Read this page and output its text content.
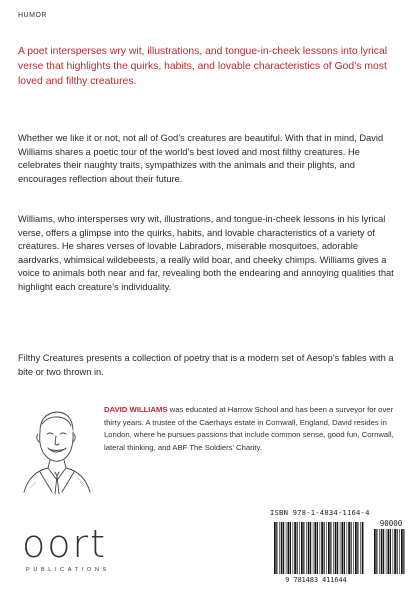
HUMOR
A poet intersperses wry wit, illustrations, and tongue-in-cheek lessons into lyrical verse that highlights the quirks, habits, and lovable characteristics of God’s most loved and filthy creatures.
Whether we like it or not, not all of God’s creatures are beautiful. With that in mind, David Williams shares a poetic tour of the world’s best loved and most filthy creatures. He celebrates their naughty traits, sympathizes with the animals and their plights, and encourages reflection about their future.
Williams, who intersperses wry wit, illustrations, and tongue-in-cheek lessons in his lyrical verse, offers a glimpse into the quirks, habits, and lovable characteristics of a variety of creatures. He shares verses of lovable Labradors, miserable mosquitoes, adorable aardvarks, whimsical wildebeests, a really wild boar, and cheeky chimps. Williams gives a voice to animals both near and far, revealing both the endearing and annoying qualities that highlight each creature’s individuality.
Filthy Creatures presents a collection of poetry that is a modern set of Aesop’s fables with a bite or two thrown in.
DAVID WILLIAMS was educated at Harrow School and has been a surveyor for over thirty years. A trustee of the Caerhays estate in Cornwall, England, David resides in London, where he pursues passions that include common sense, good fun, Cornwall, lateral thinking, and ABF The Soldiers’ Charity.
oort
PUBLICATIONS
ISBN 978-1-4834-1164-4
90000
9 781483 411644
